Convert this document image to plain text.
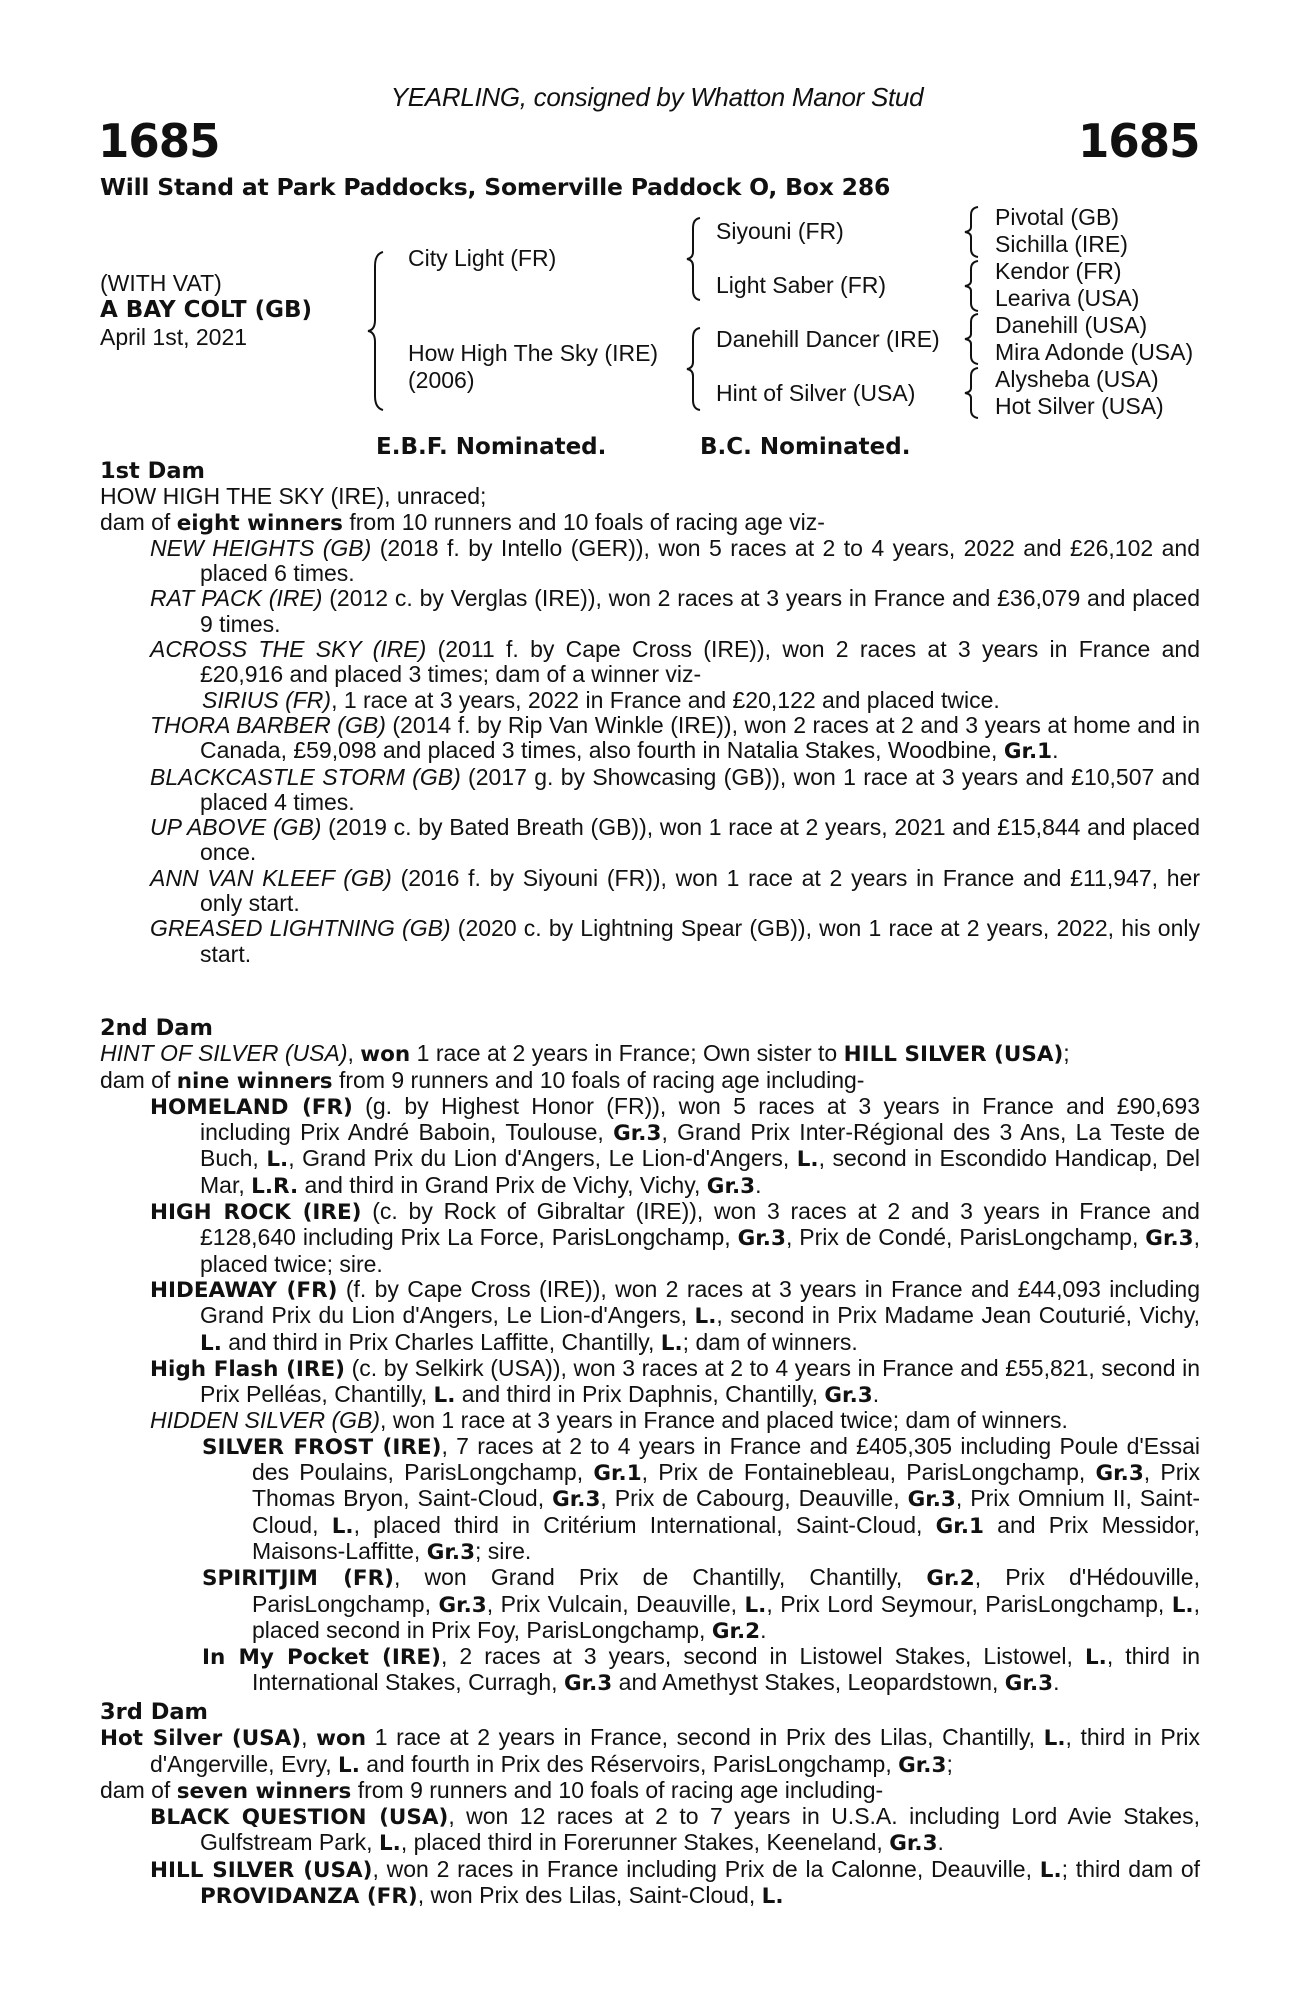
YEARLING, consigned by Whatton Manor Stud
1685	1685
Will Stand at Park Paddocks, Somerville Paddock O, Box 286
(WITH VAT)
A BAY COLT (GB)
April 1st, 2021
City Light (FR)
How High The Sky (IRE)
(2006)
Siyouni (FR)
Light Saber (FR)
Danehill Dancer (IRE)
Hint of Silver (USA)
Pivotal (GB)
Sichilla (IRE)
Kendor (FR)
Leariva (USA)
Danehill (USA)
Mira Adonde (USA)
Alysheba (USA)
Hot Silver (USA)
E.B.F. Nominated.	B.C. Nominated.

1st Dam

HOW HIGH THE SKY (IRE), unraced;

dam of eight winners from 10 runners and 10 foals of racing age viz-

NEW HEIGHTS (GB) (2018 f. by Intello (GER)), won 5 races at 2 to 4 years, 2022 and £26,102 and placed 6 times.

RAT PACK (IRE) (2012 c. by Verglas (IRE)), won 2 races at 3 years in France and £36,079 and placed 9 times.

ACROSS THE SKY (IRE) (2011 f. by Cape Cross (IRE)), won 2 races at 3 years in France and £20,916 and placed 3 times; dam of a winner viz-

SIRIUS (FR), 1 race at 3 years, 2022 in France and £20,122 and placed twice.

THORA BARBER (GB) (2014 f. by Rip Van Winkle (IRE)), won 2 races at 2 and 3 years at home and in Canada, £59,098 and placed 3 times, also fourth in Natalia Stakes, Woodbine, Gr.1.

BLACKCASTLE STORM (GB) (2017 g. by Showcasing (GB)), won 1 race at 3 years and £10,507 and placed 4 times.

UP ABOVE (GB) (2019 c. by Bated Breath (GB)), won 1 race at 2 years, 2021 and £15,844 and placed once.

ANN VAN KLEEF (GB) (2016 f. by Siyouni (FR)), won 1 race at 2 years in France and £11,947, her only start.

GREASED LIGHTNING (GB) (2020 c. by Lightning Spear (GB)), won 1 race at 2 years, 2022, his only start.

2nd Dam

HINT OF SILVER (USA), won 1 race at 2 years in France; Own sister to HILL SILVER (USA);

dam of nine winners from 9 runners and 10 foals of racing age including-

HOMELAND (FR) (g. by Highest Honor (FR)), won 5 races at 3 years in France and £90,693 including Prix André Baboin, Toulouse, Gr.3, Grand Prix Inter-Régional des 3 Ans, La Teste de Buch, L., Grand Prix du Lion d'Angers, Le Lion-d'Angers, L., second in Escondido Handicap, Del Mar, L.R. and third in Grand Prix de Vichy, Vichy, Gr.3.

HIGH ROCK (IRE) (c. by Rock of Gibraltar (IRE)), won 3 races at 2 and 3 years in France and £128,640 including Prix La Force, ParisLongchamp, Gr.3, Prix de Condé, ParisLongchamp, Gr.3, placed twice; sire.

HIDEAWAY (FR) (f. by Cape Cross (IRE)), won 2 races at 3 years in France and £44,093 including Grand Prix du Lion d'Angers, Le Lion-d'Angers, L., second in Prix Madame Jean Couturié, Vichy, L. and third in Prix Charles Laffitte, Chantilly, L.; dam of winners.

High Flash (IRE) (c. by Selkirk (USA)), won 3 races at 2 to 4 years in France and £55,821, second in Prix Pelléas, Chantilly, L. and third in Prix Daphnis, Chantilly, Gr.3.

HIDDEN SILVER (GB), won 1 race at 3 years in France and placed twice; dam of winners.

SILVER FROST (IRE), 7 races at 2 to 4 years in France and £405,305 including Poule d'Essai des Poulains, ParisLongchamp, Gr.1, Prix de Fontainebleau, ParisLongchamp, Gr.3, Prix Thomas Bryon, Saint-Cloud, Gr.3, Prix de Cabourg, Deauville, Gr.3, Prix Omnium II, Saint-Cloud, L., placed third in Critérium International, Saint-Cloud, Gr.1 and Prix Messidor, Maisons-Laffitte, Gr.3; sire.

SPIRITJIM (FR), won Grand Prix de Chantilly, Chantilly, Gr.2, Prix d'Hédouville, ParisLongchamp, Gr.3, Prix Vulcain, Deauville, L., Prix Lord Seymour, ParisLongchamp, L., placed second in Prix Foy, ParisLongchamp, Gr.2.

In My Pocket (IRE), 2 races at 3 years, second in Listowel Stakes, Listowel, L., third in International Stakes, Curragh, Gr.3 and Amethyst Stakes, Leopardstown, Gr.3.

3rd Dam

Hot Silver (USA), won 1 race at 2 years in France, second in Prix des Lilas, Chantilly, L., third in Prix d'Angerville, Evry, L. and fourth in Prix des Réservoirs, ParisLongchamp, Gr.3;

dam of seven winners from 9 runners and 10 foals of racing age including-

BLACK QUESTION (USA), won 12 races at 2 to 7 years in U.S.A. including Lord Avie Stakes, Gulfstream Park, L., placed third in Forerunner Stakes, Keeneland, Gr.3.

HILL SILVER (USA), won 2 races in France including Prix de la Calonne, Deauville, L.; third dam of PROVIDANZA (FR), won Prix des Lilas, Saint-Cloud, L.
